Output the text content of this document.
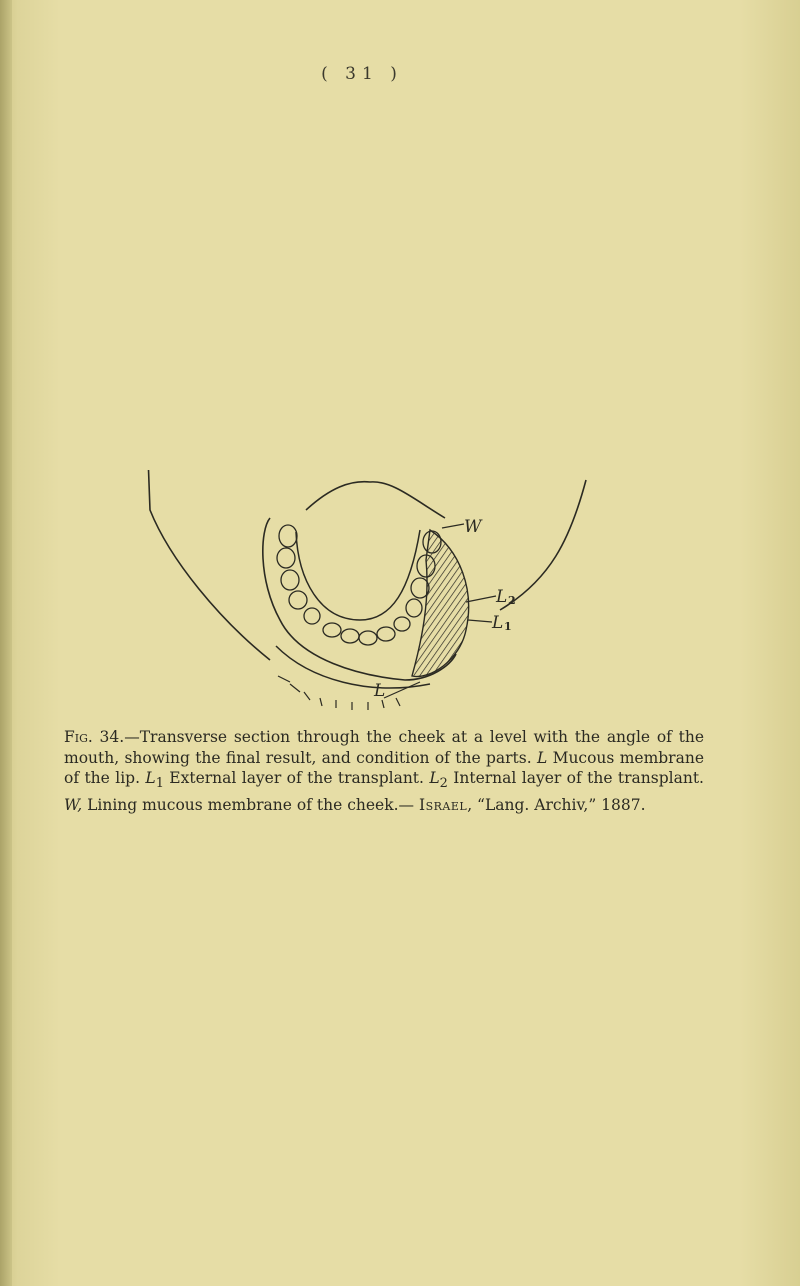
( 31 )
W
L 2
L 1
L

Fig. 34.—Transverse section through the cheek at a level with the angle of the mouth, showing the final result, and condition of the parts. L Mucous membrane of the lip. $L_1$ External layer of the transplant. $L_2$ Internal layer of the transplant. W, Lining mucous membrane of the cheek.— Israel, “Lang. Archiv,” 1887.
